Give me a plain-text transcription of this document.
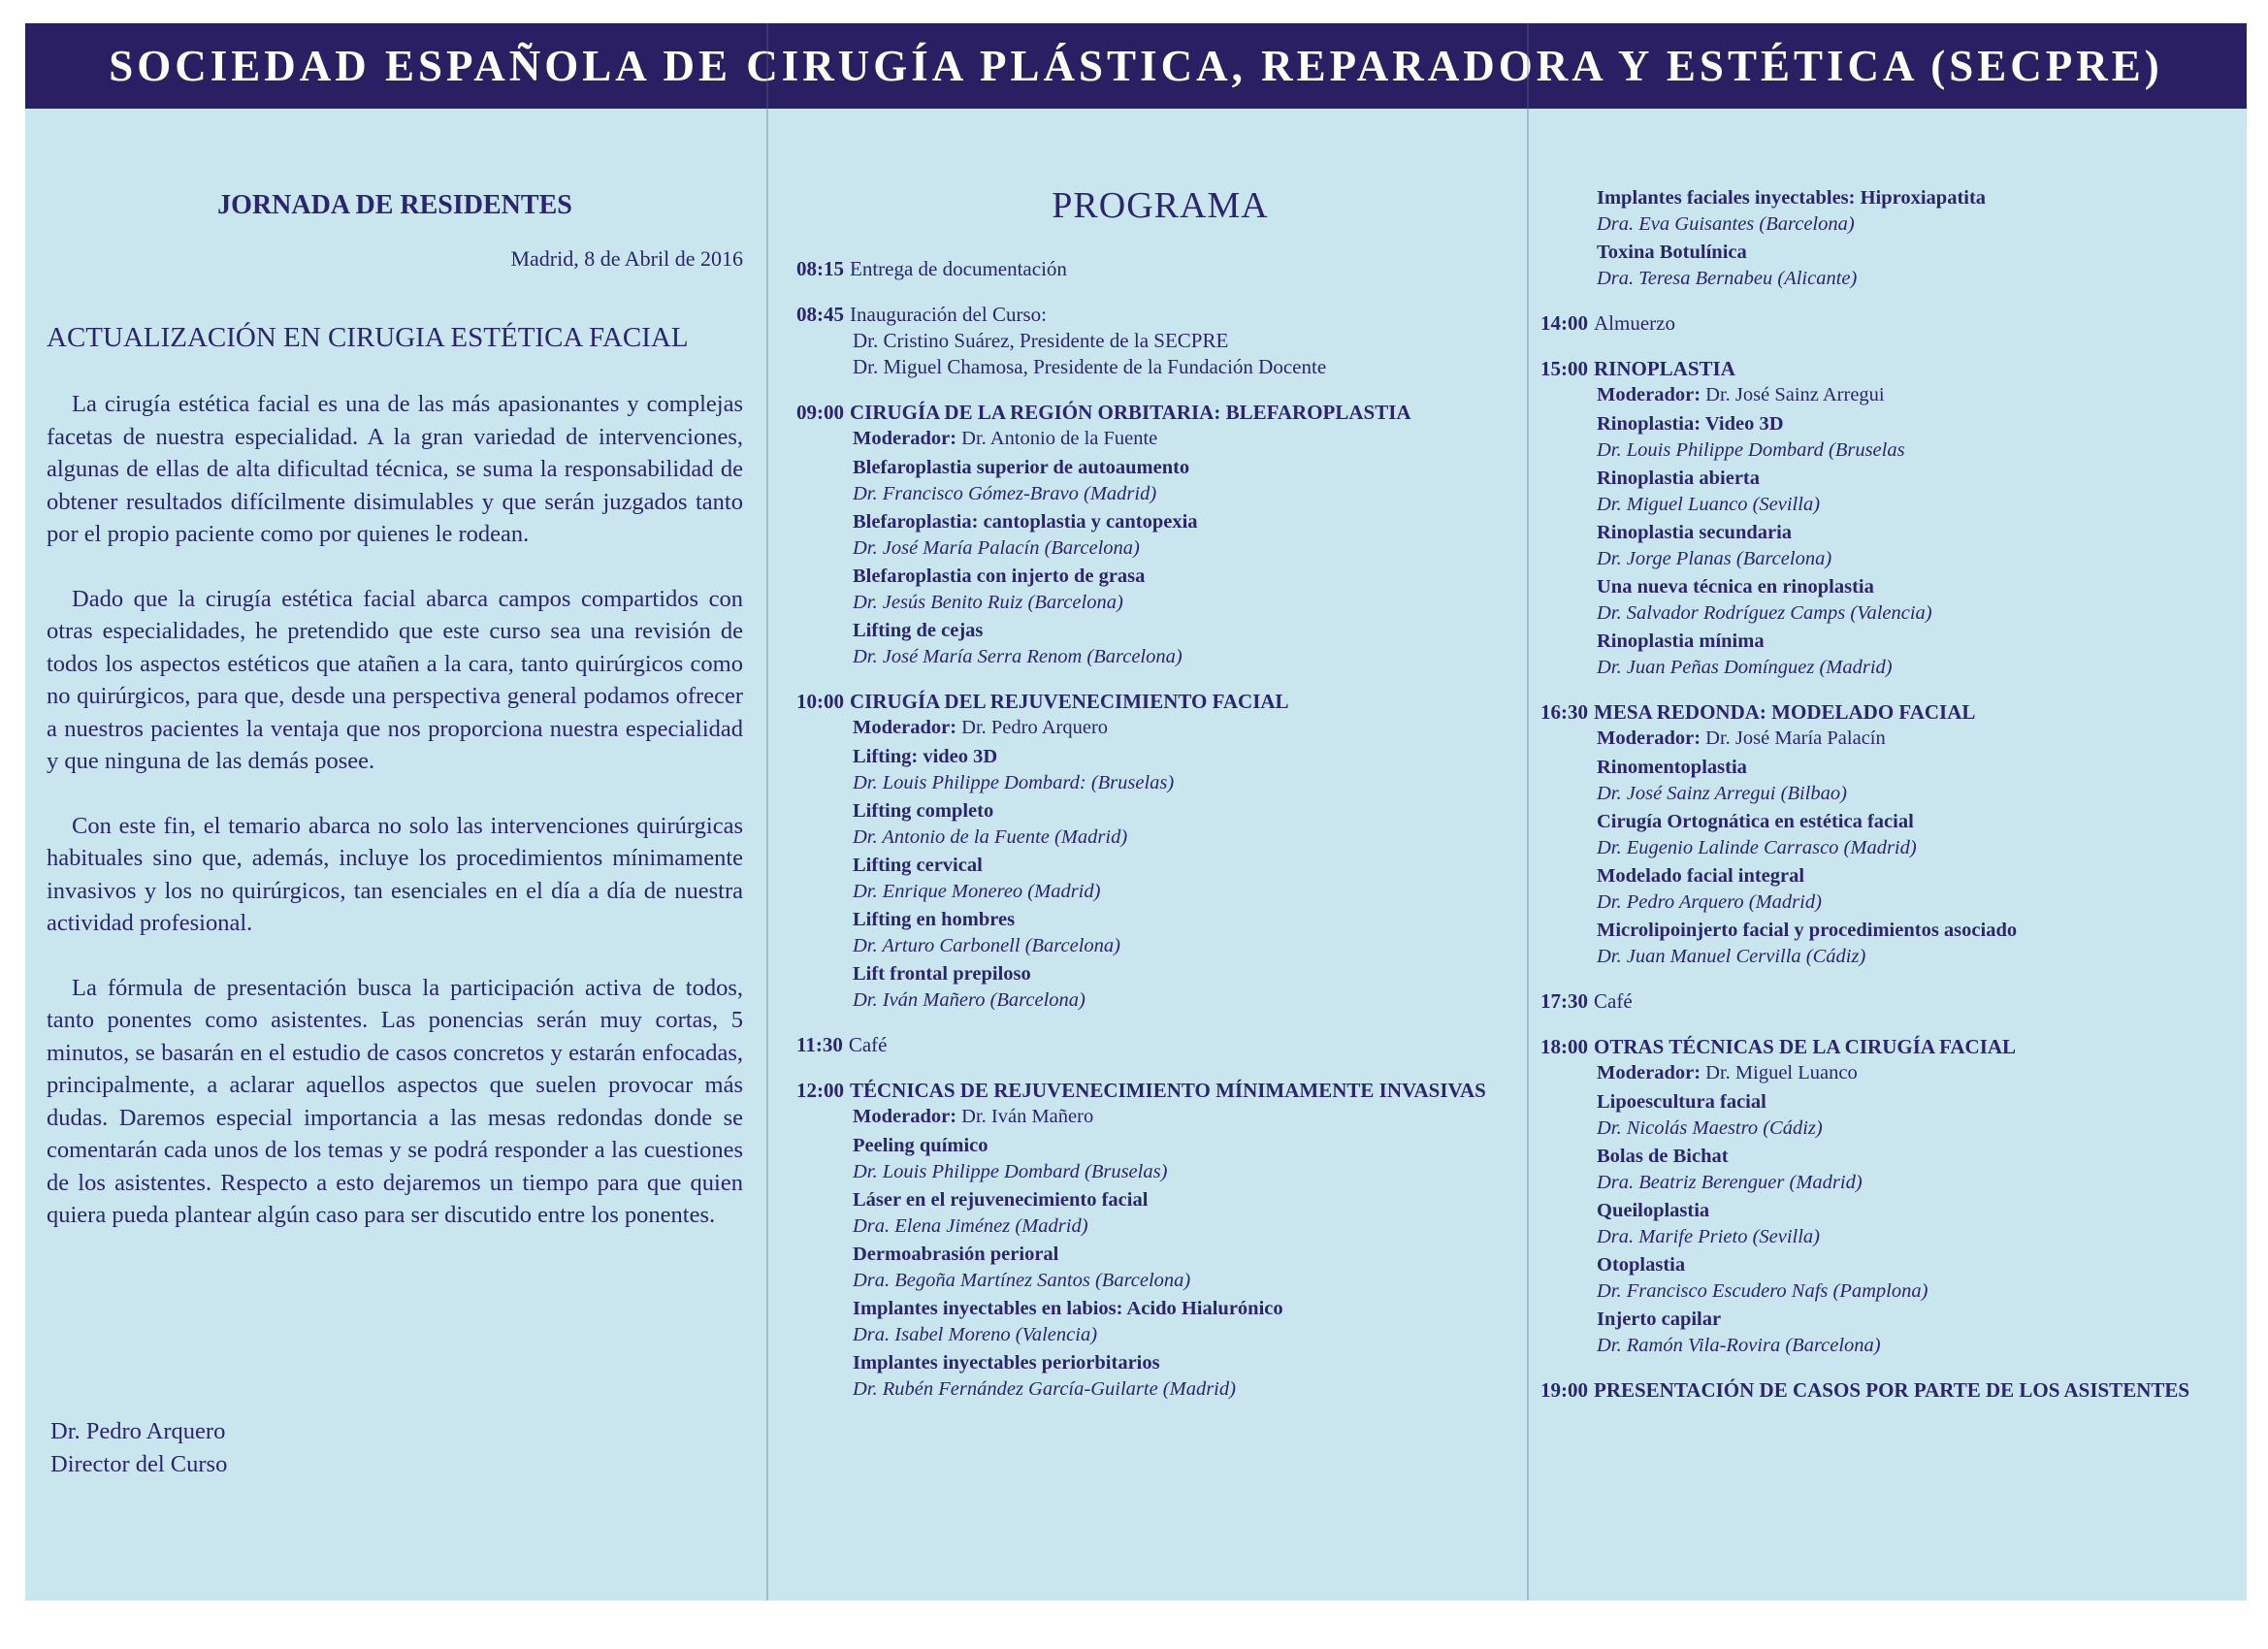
SOCIEDAD ESPAÑOLA DE CIRUGÍA PLÁSTICA, REPARADORA Y ESTÉTICA (SECPRE)
JORNADA DE RESIDENTES
Madrid, 8 de Abril de 2016
ACTUALIZACIÓN EN CIRUGIA ESTÉTICA FACIAL

La cirugía estética facial es una de las más apasionantes y complejas facetas de nuestra especialidad. A la gran variedad de intervenciones, algunas de ellas de alta dificultad técnica, se suma la responsabilidad de obtener resultados difícilmente disimulables y que serán juzgados tanto por el propio paciente como por quienes le rodean.

Dado que la cirugía estética facial abarca campos compartidos con otras especialidades, he pretendido que este curso sea una revisión de todos los aspectos estéticos que atañen a la cara, tanto quirúrgicos como no quirúrgicos, para que, desde una perspectiva general podamos ofrecer a nuestros pacientes la ventaja que nos proporciona nuestra especialidad y que ninguna de las demás posee.

Con este fin, el temario abarca no solo las intervenciones quirúrgicas habituales sino que, además, incluye los procedimientos mínimamente invasivos y los no quirúrgicos, tan esenciales en el día a día de nuestra actividad profesional.

La fórmula de presentación busca la participación activa de todos, tanto ponentes como asistentes. Las ponencias serán muy cortas, 5 minutos, se basarán en el estudio de casos concretos y estarán enfocadas, principalmente, a aclarar aquellos aspectos que suelen provocar más dudas. Daremos especial importancia a las mesas redondas donde se comentarán cada unos de los temas y se podrá responder a las cuestiones de los asistentes. Respecto a esto dejaremos un tiempo para que quien quiera pueda plantear algún caso para ser discutido entre los ponentes.

Dr. Pedro Arquero
Director del Curso
PROGRAMA
08:15 Entrega de documentación
08:45 Inauguración del Curso:
Dr. Cristino Suárez, Presidente de la SECPRE
Dr. Miguel Chamosa, Presidente de la Fundación Docente
09:00 CIRUGÍA DE LA REGIÓN ORBITARIA: BLEFAROPLASTIA
Moderador: Dr. Antonio de la Fuente
Blefaroplastia superior de autoaumento
Dr. Francisco Gómez-Bravo (Madrid)
Blefaroplastia: cantoplastia y cantopexia
Dr. José María Palacín (Barcelona)
Blefaroplastia con injerto de grasa
Dr. Jesús Benito Ruiz (Barcelona)
Lifting de cejas
Dr. José María Serra Renom (Barcelona)
10:00 CIRUGÍA DEL REJUVENECIMIENTO FACIAL
Moderador: Dr. Pedro Arquero
Lifting: video 3D
Dr. Louis Philippe Dombard: (Bruselas)
Lifting completo
Dr. Antonio de la Fuente (Madrid)
Lifting cervical
Dr. Enrique Monereo (Madrid)
Lifting en hombres
Dr. Arturo Carbonell (Barcelona)
Lift frontal prepiloso
Dr. Iván Mañero (Barcelona)
11:30 Café
12:00 TÉCNICAS DE REJUVENECIMIENTO MÍNIMAMENTE INVASIVAS
Moderador: Dr. Iván Mañero
Peeling químico
Dr. Louis Philippe Dombard (Bruselas)
Láser en el rejuvenecimiento facial
Dra. Elena Jiménez (Madrid)
Dermoabrasión perioral
Dra. Begoña Martínez Santos (Barcelona)
Implantes inyectables en labios: Acido Hialurónico
Dra. Isabel Moreno (Valencia)
Implantes inyectables periorbitarios
Dr. Rubén Fernández García-Guilarte (Madrid)
Implantes faciales inyectables: Hiproxiapatita
Dra. Eva Guisantes (Barcelona)
Toxina Botulínica
Dra. Teresa Bernabeu (Alicante)
14:00 Almuerzo
15:00 RINOPLASTIA
Moderador: Dr. José Sainz Arregui
Rinoplastia: Video 3D
Dr. Louis Philippe Dombard (Bruselas
Rinoplastia abierta
Dr. Miguel Luanco (Sevilla)
Rinoplastia secundaria
Dr. Jorge Planas (Barcelona)
Una nueva técnica en rinoplastia
Dr. Salvador Rodríguez Camps (Valencia)
Rinoplastia mínima
Dr. Juan Peñas Domínguez (Madrid)
16:30 MESA REDONDA: MODELADO FACIAL
Moderador: Dr. José María Palacín
Rinomentoplastia
Dr. José Sainz Arregui (Bilbao)
Cirugía Ortognática en estética facial
Dr. Eugenio Lalinde Carrasco (Madrid)
Modelado facial integral
Dr. Pedro Arquero (Madrid)
Microlipoinjerto facial y procedimientos asociado
Dr. Juan Manuel Cervilla (Cádiz)
17:30 Café
18:00 OTRAS TÉCNICAS DE LA CIRUGÍA FACIAL
Moderador: Dr. Miguel Luanco
Lipoescultura facial
Dr. Nicolás Maestro (Cádiz)
Bolas de Bichat
Dra. Beatriz Berenguer (Madrid)
Queiloplastia
Dra. Marife Prieto (Sevilla)
Otoplastia
Dr. Francisco Escudero Nafs (Pamplona)
Injerto capilar
Dr. Ramón Vila-Rovira (Barcelona)
19:00 PRESENTACIÓN DE CASOS POR PARTE DE LOS ASISTENTES
